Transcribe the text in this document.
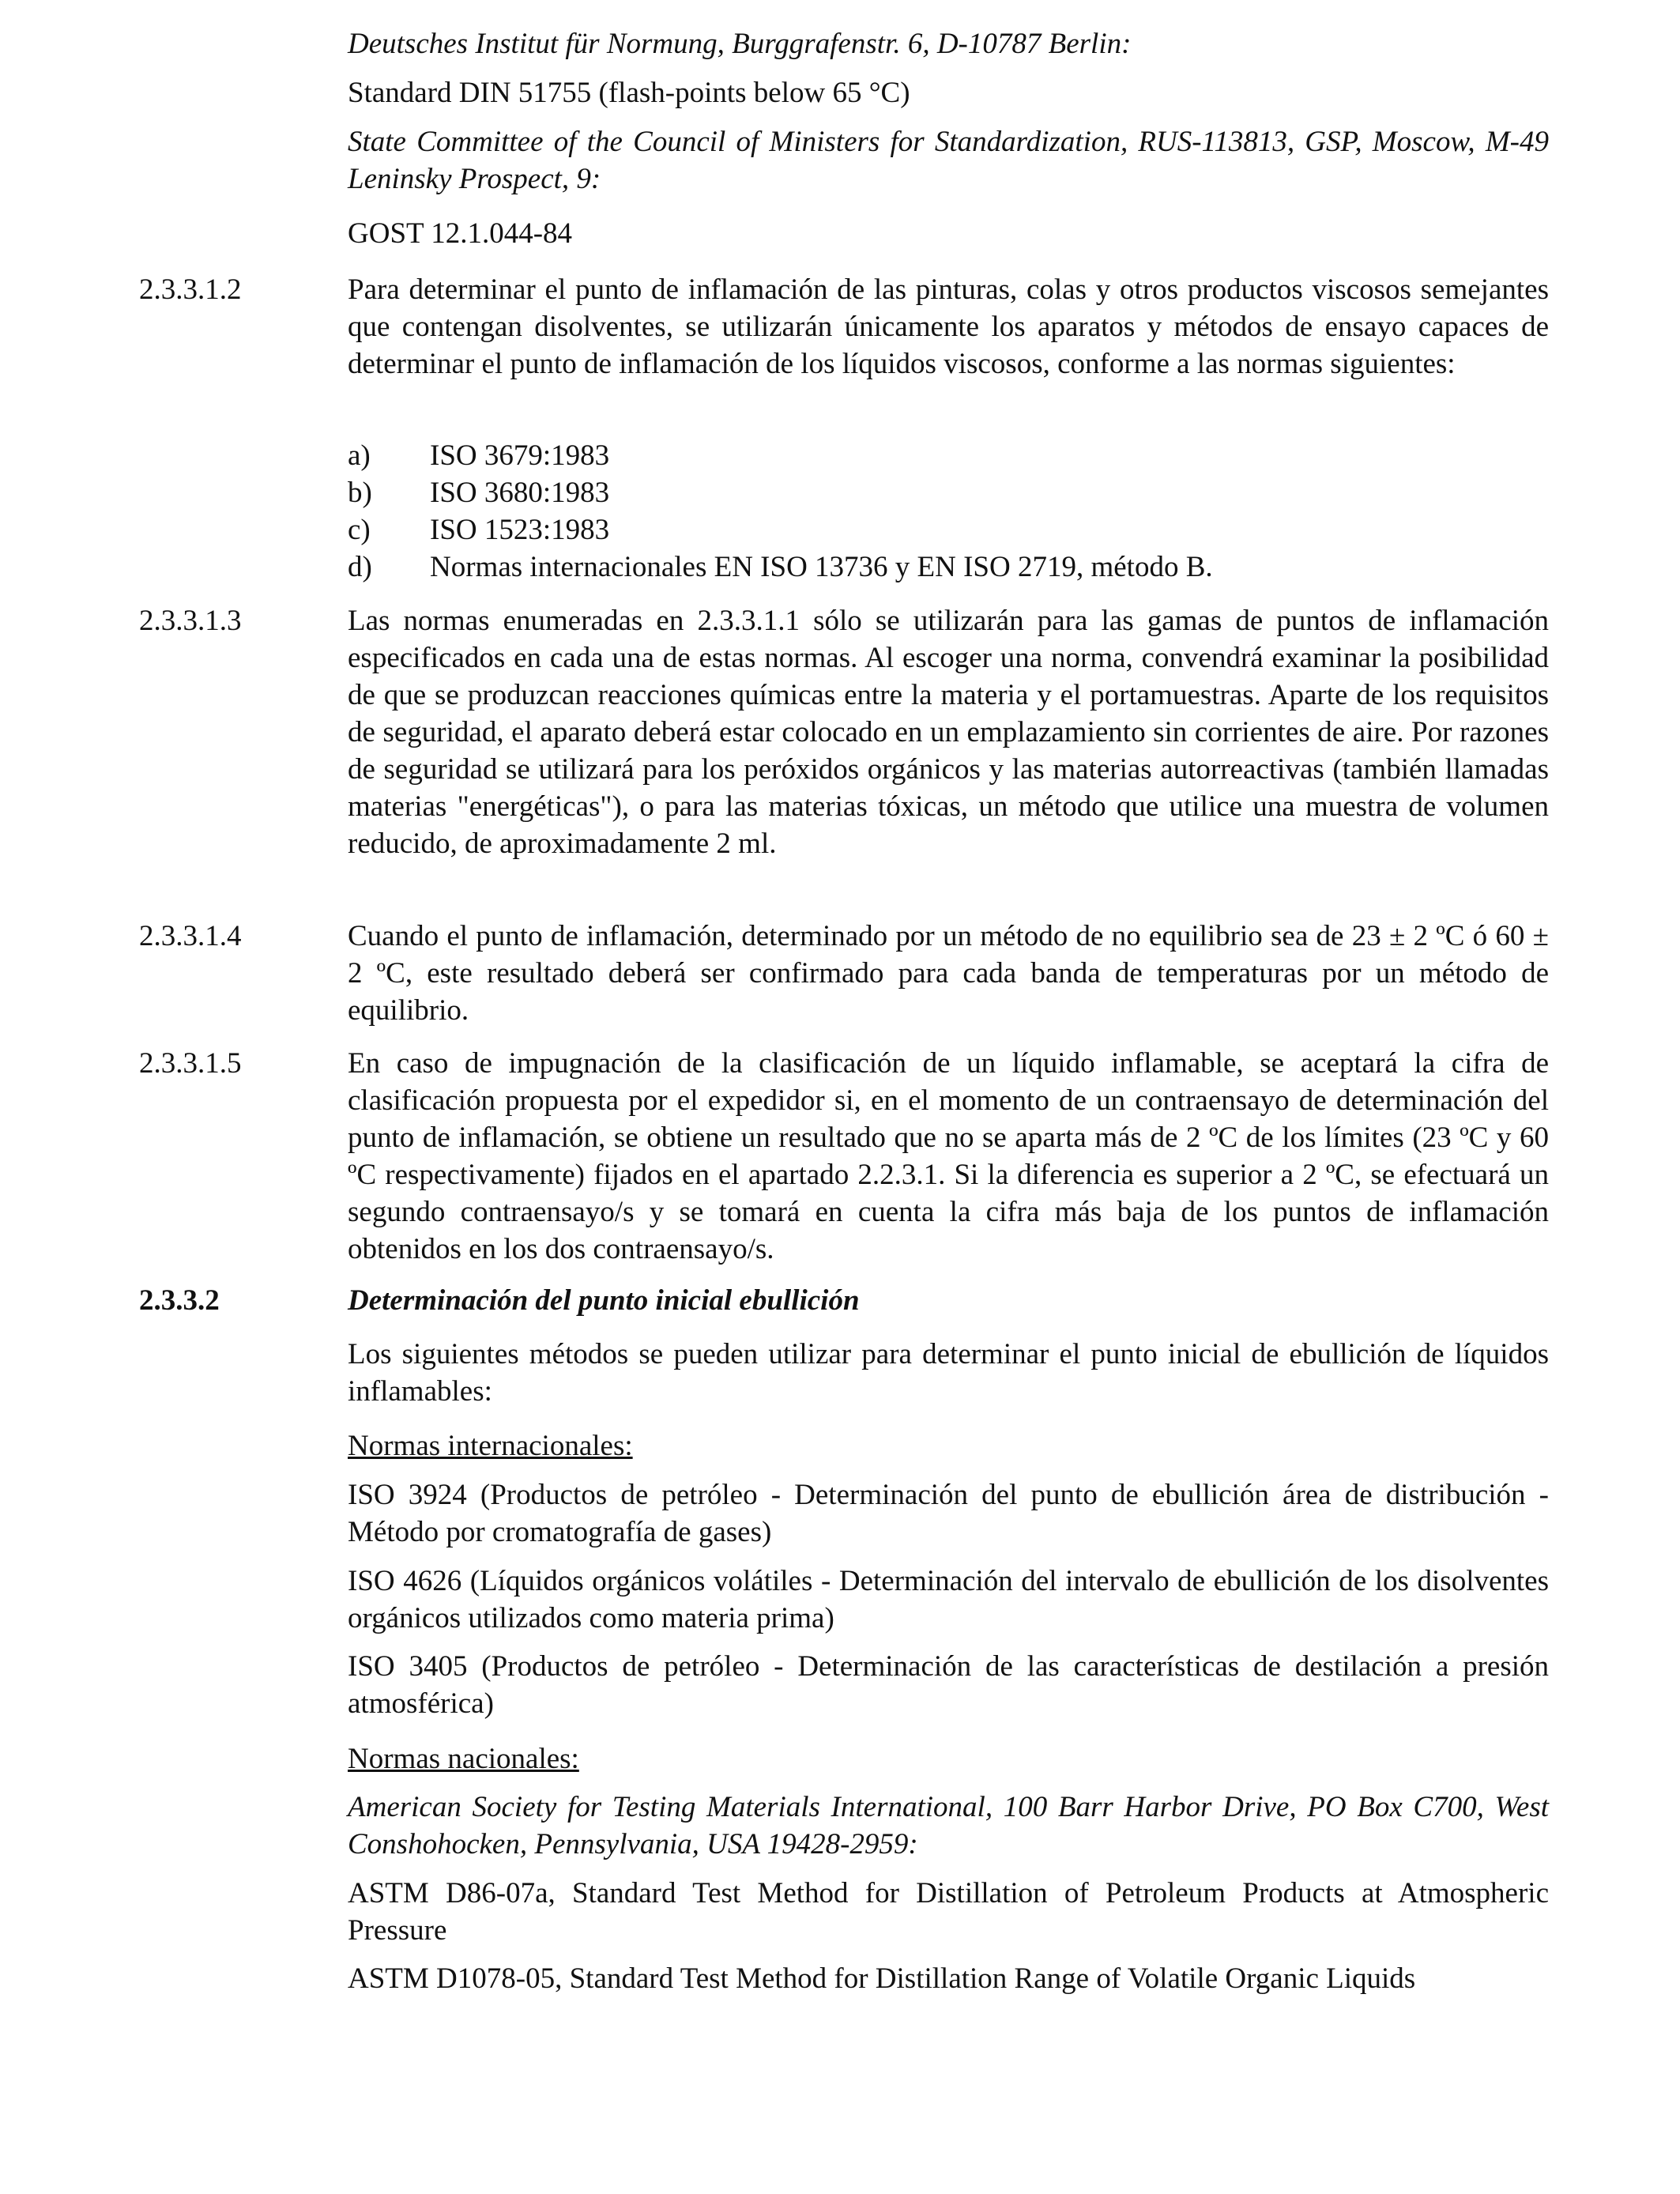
Deutsches Institut für Normung, Burggrafenstr. 6, D-10787 Berlin:
Standard DIN 51755 (flash-points below 65 °C)
State Committee of the Council of Ministers for Standardization, RUS-113813, GSP, Moscow, M-49 Leninsky Prospect, 9:
GOST 12.1.044-84
2.3.3.1.2	Para determinar el punto de inflamación de las pinturas, colas y otros productos viscosos semejantes que contengan disolventes, se utilizarán únicamente los aparatos y métodos de ensayo capaces de determinar el punto de inflamación de los líquidos viscosos, conforme a las normas siguientes:
a) ISO 3679:1983
b) ISO 3680:1983
c) ISO 1523:1983
d) Normas internacionales EN ISO 13736 y EN ISO 2719, método B.
2.3.3.1.3	Las normas enumeradas en 2.3.3.1.1 sólo se utilizarán para las gamas de puntos de inflamación especificados en cada una de estas normas. Al escoger una norma, convendrá examinar la posibilidad de que se produzcan reacciones químicas entre la materia y el portamuestras. Aparte de los requisitos de seguridad, el aparato deberá estar colocado en un emplazamiento sin corrientes de aire. Por razones de seguridad se utilizará para los peróxidos orgánicos y las materias autorreactivas (también llamadas materias "energéticas"), o para las materias tóxicas, un método que utilice una muestra de volumen reducido, de aproximadamente 2 ml.
2.3.3.1.4	Cuando el punto de inflamación, determinado por un método de no equilibrio sea de 23 ± 2 ºC ó 60 ± 2 ºC, este resultado deberá ser confirmado para cada banda de temperaturas por un método de equilibrio.
2.3.3.1.5	En caso de impugnación de la clasificación de un líquido inflamable, se aceptará la cifra de clasificación propuesta por el expedidor si, en el momento de un contraensayo de determinación del punto de inflamación, se obtiene un resultado que no se aparta más de 2 ºC de los límites (23 ºC y 60 ºC respectivamente) fijados en el apartado 2.2.3.1. Si la diferencia es superior a 2 ºC, se efectuará un segundo contraensayo/s y se tomará en cuenta la cifra más baja de los puntos de inflamación obtenidos en los dos contraensayo/s.
2.3.3.2	Determinación del punto inicial ebullición
Los siguientes métodos se pueden utilizar para determinar el punto inicial de ebullición de líquidos inflamables:
Normas internacionales:
ISO 3924 (Productos de petróleo - Determinación del punto de ebullición área de distribución - Método por cromatografía de gases)
ISO 4626 (Líquidos orgánicos volátiles - Determinación del intervalo de ebullición de los disolventes orgánicos utilizados como materia prima)
ISO 3405 (Productos de petróleo - Determinación de las características de destilación a presión atmosférica)
Normas nacionales:
American Society for Testing Materials International, 100 Barr Harbor Drive, PO Box C700, West Conshohocken, Pennsylvania, USA 19428-2959:
ASTM D86-07a, Standard Test Method for Distillation of Petroleum Products at Atmospheric Pressure
ASTM D1078-05, Standard Test Method for Distillation Range of Volatile Organic Liquids
